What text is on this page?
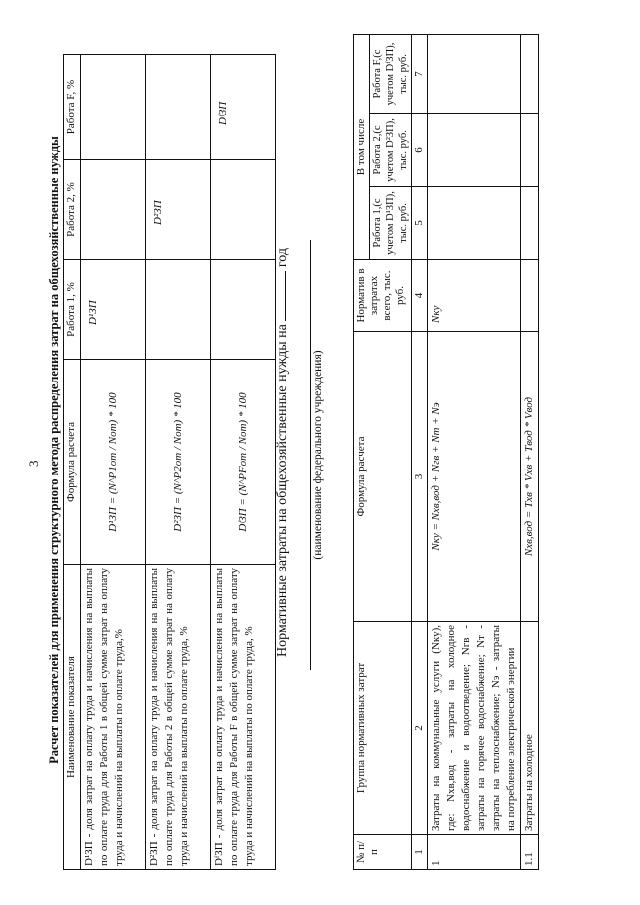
3 Расчет показателей для применения структурного метода распределения затрат на общехозяйственные нужды Наименование показателя	Формула расчета	Работа 1, %	Работа 2, %	Работа F, %
D¹ЗП - доля затрат на оплату труда и начисления на выплаты по оплате труда для Работы 1 в общей сумме затрат на оплату труда и начислений на выплаты по оплате труда,%	D¹ЗП = (N^P1от / Nот) * 100	D¹ЗП		
D²ЗП - доля затрат на оплату труда и начисления на выплаты по оплате труда для Работы 2 в общей сумме затрат на оплату труда и начислений на выплаты по оплате труда, %	D²ЗП = (N^P2от / Nот) * 100		D²ЗП	
DᶠЗП - доля затрат на оплату труда и начисления на выплаты по оплате труда для Работы F в общей сумме затрат на оплату труда и начислений на выплаты по оплате труда, %	DᶠЗП = (N^PFот / Nот) * 100			DᶠЗП
Нормативные затраты на общехозяйственные нужды на  год
(наименование федерального учреждения)
№ п/п	Группа нормативных затрат	Формула расчета	Норматив в затратах всего, тыс. руб.	В том числе		
				Работа 1,(с учетом D¹ЗП), тыс. руб.	Работа 2,(с учетом D²ЗП), тыс. руб.	Работа F,(с учетом DᶠЗП), тыс. руб.
1	2	3	4	5	6	7
1	Затраты на коммунальные услуги (Nку), где: Nхв,вод - затраты на холодное водоснабжение и водоотведение; Nгв - затраты на горячее водоснабжение; Nт - затраты на теплоснабжение; Nэ - затраты на потребление электрической энергии	Nку = Nхв,вод + Nгв + Nт + Nэ	Nку			
1.1	Затраты на холодное	Nхв,вод = Tхв * Vхв + Tвод * Vвод				
